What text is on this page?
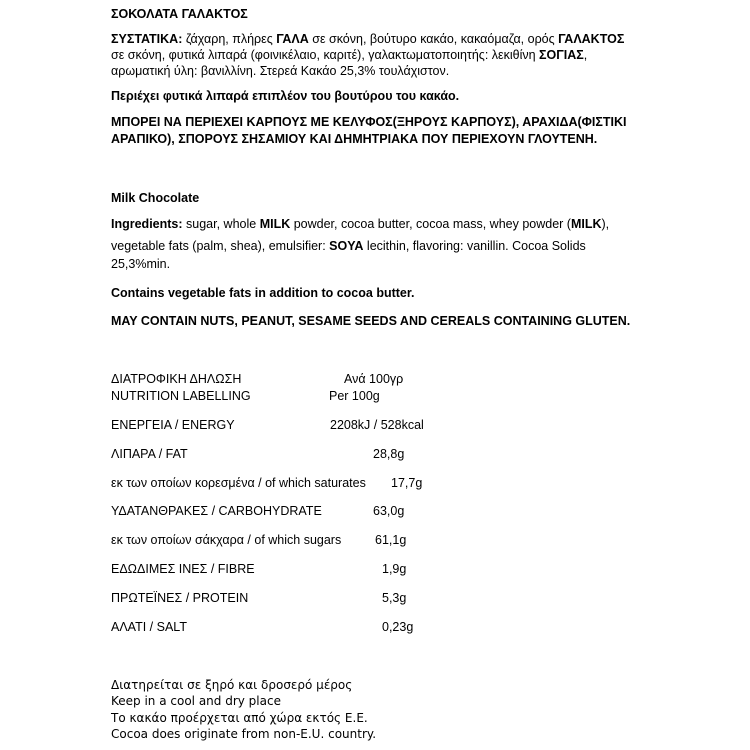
ΣΟΚΟΛΑΤΑ ΓΑΛΑΚΤΟΣ
ΣΥΣΤΑΤΙΚΑ: ζάχαρη, πλήρες ΓΑΛΑ σε σκόνη, βούτυρο κακάο, κακαόμαζα, ορός ΓΑΛΑΚΤΟΣ
σε σκόνη, φυτικά λιπαρά (φοινικέλαιο, καριτέ), γαλακτωματοποιητής: λεκιθίνη ΣΟΓΙΑΣ,
αρωματική ύλη: βανιλλίνη. Στερεά Κακάο 25,3% τουλάχιστον.
Περιέχει φυτικά λιπαρά επιπλέον του βουτύρου του κακάο.
ΜΠΟΡΕΙ ΝΑ ΠΕΡΙΕΧΕΙ ΚΑΡΠΟΥΣ ΜΕ ΚΕΛΥΦΟΣ(ΞΗΡΟΥΣ ΚΑΡΠΟΥΣ), ΑΡΑΧΙΔΑ(ΦΙΣΤΙΚΙ
ΑΡΑΠΙΚΟ), ΣΠΟΡΟΥΣ ΣΗΣΑΜΙΟΥ ΚΑΙ ΔΗΜΗΤΡΙΑΚΑ ΠΟΥ ΠΕΡΙΕΧΟΥΝ ΓΛΟΥΤΕΝΗ.
Milk Chocolate
Ingredients: sugar, whole MILK powder, cocoa butter, cocoa mass, whey powder (MILK),
vegetable fats (palm, shea), emulsifier: SOYA lecithin, flavoring: vanillin. Cocoa Solids
25,3%min.
Contains vegetable fats in addition to cocoa butter.
MAY CONTAIN NUTS, PEANUT, SESAME SEEDS AND CEREALS CONTAINING GLUTEN.
ΔΙΑΤΡΟΦΙΚΗ ΔΗΛΩΣΗ	Ανά 100γρ
NUTRITION LABELLING	Per 100g
ΕΝΕΡΓΕΙΑ / ENERGY	2208kJ / 528kcal
ΛΙΠΑΡΑ / FAT	28,8g
εκ των οποίων κορεσμένα / of which saturates 17,7g
ΥΔΑΤΑΝΘΡΑΚΕΣ / CARBOHYDRATE	63,0g
εκ των οποίων σάκχαρα / of which sugars	61,1g
ΕΔΩΔΙΜΕΣ ΙΝΕΣ / FIBRE	1,9g
ΠΡΩΤΕΪΝΕΣ / PROTEIN	5,3g
ΑΛΑΤΙ / SALT	0,23g
Διατηρείται σε ξηρό και δροσερό μέρος
Keep in a cool and dry place
Το κακάο προέρχεται από χώρα εκτός Ε.Ε.
Cocoa does originate from non-E.U. country.
